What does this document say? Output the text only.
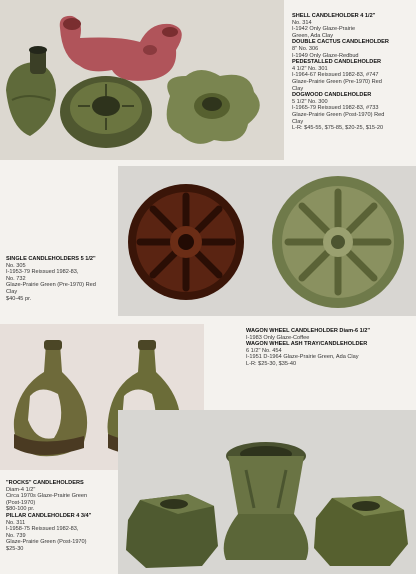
SHELL CANDLEHOLDER 4 1/2"
No. 314
I-1942 Only Glaze-Prairie
Green, Ada Clay
DOUBLE CACTUS CANDLEHOLDER
8" No. 306
I-1949 Only Glaze-Redbud
PEDESTALLED CANDLEHOLDER
4 1/2" No. 301
I-1964-67 Reissued 1982-83, #747
Glaze-Prairie Green (Pre-1970) Red
Clay
DOGWOOD CANDLEHOLDER
5 1/2" No. 300
I-1965-79 Reissued 1982-83, #733
Glaze-Prairie Green (Post-1970) Red
Clay
L-R: $45-55, $75-85, $20-25, $15-20
SINGLE CANDLEHOLDERS 5 1/2"
No. 305
I-1953-79 Reissued 1982-83,
No. 732
Glaze-Prairie Green (Pre-1970) Red
Clay
$40-45 pr.
WAGON WHEEL CANDLEHOLDER Diam-6 1/2"
I-1983 Only Glaze-Coffee
WAGON WHEEL ASH TRAY/CANDLEHOLDER
6 1/2" No. 454
I-1951 D-1964 Glaze-Prairie Green, Ada Clay
L-R: $25-30, $35-40
"ROCKS" CANDLEHOLDERS
Diam-4 1/2"
Circa 1970s Glaze-Prairie Green
(Post-1970)
$80-100 pr.
PILLAR CANDLEHOLDER 4 3/4"
No. 311
I-1958-75 Reissued 1982-83,
No. 739
Glaze-Prairie Green (Post-1970)
$25-30
